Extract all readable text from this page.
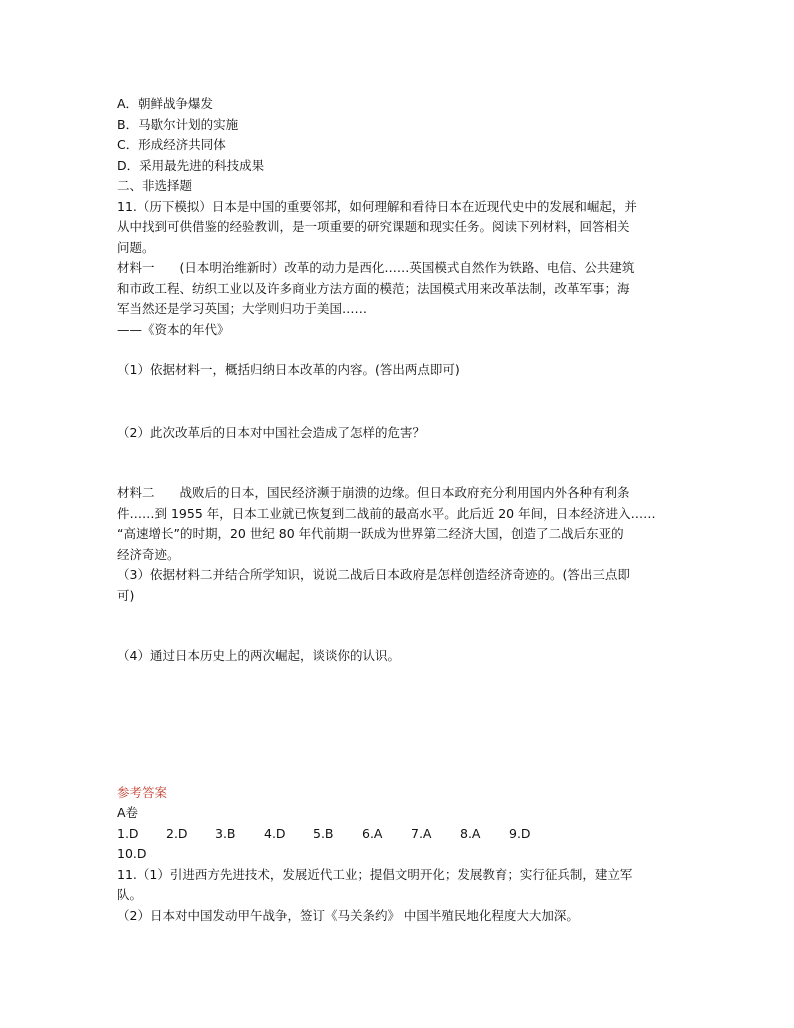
A．朝鲜战争爆发
B．马歇尔计划的实施
C．形成经济共同体
D．采用最先进的科技成果
二、非选择题
11.（历下模拟）日本是中国的重要邻邦，如何理解和看待日本在近现代史中的发展和崛起，并
从中找到可供借鉴的经验教训，是一项重要的研究课题和现实任务。阅读下列材料，回答相关
问题。
材料一　　(日本明治维新时）改革的动力是西化……英国模式自然作为铁路、电信、公共建筑
和市政工程、纺织工业以及许多商业方法方面的模范；法国模式用来改革法制，改革军事；海
军当然还是学习英国；大学则归功于美国……
——《资本的年代》
（1）依据材料一，概括归纳日本改革的内容。(答出两点即可)
（2）此次改革后的日本对中国社会造成了怎样的危害？
材料二　　战败后的日本，国民经济濒于崩溃的边缘。但日本政府充分利用国内外各种有利条
件……到 1955 年，日本工业就已恢复到二战前的最高水平。此后近 20 年间，日本经济进入……
“高速增长”的时期，20 世纪 80 年代前期一跃成为世界第二经济大国，创造了二战后东亚的
经济奇迹。
（3）依据材料二并结合所学知识，说说二战后日本政府是怎样创造经济奇迹的。(答出三点即
可)
（4）通过日本历史上的两次崛起，谈谈你的认识。
参考答案
A卷
1.D	2.D	3.B	4.D	5.B	6.A	7.A	8.A	9.D
10.D
11.（1）引进西方先进技术，发展近代工业；提倡文明开化；发展教育；实行征兵制，建立军
队。
（2）日本对中国发动甲午战争，签订《马关条约》 中国半殖民地化程度大大加深。
